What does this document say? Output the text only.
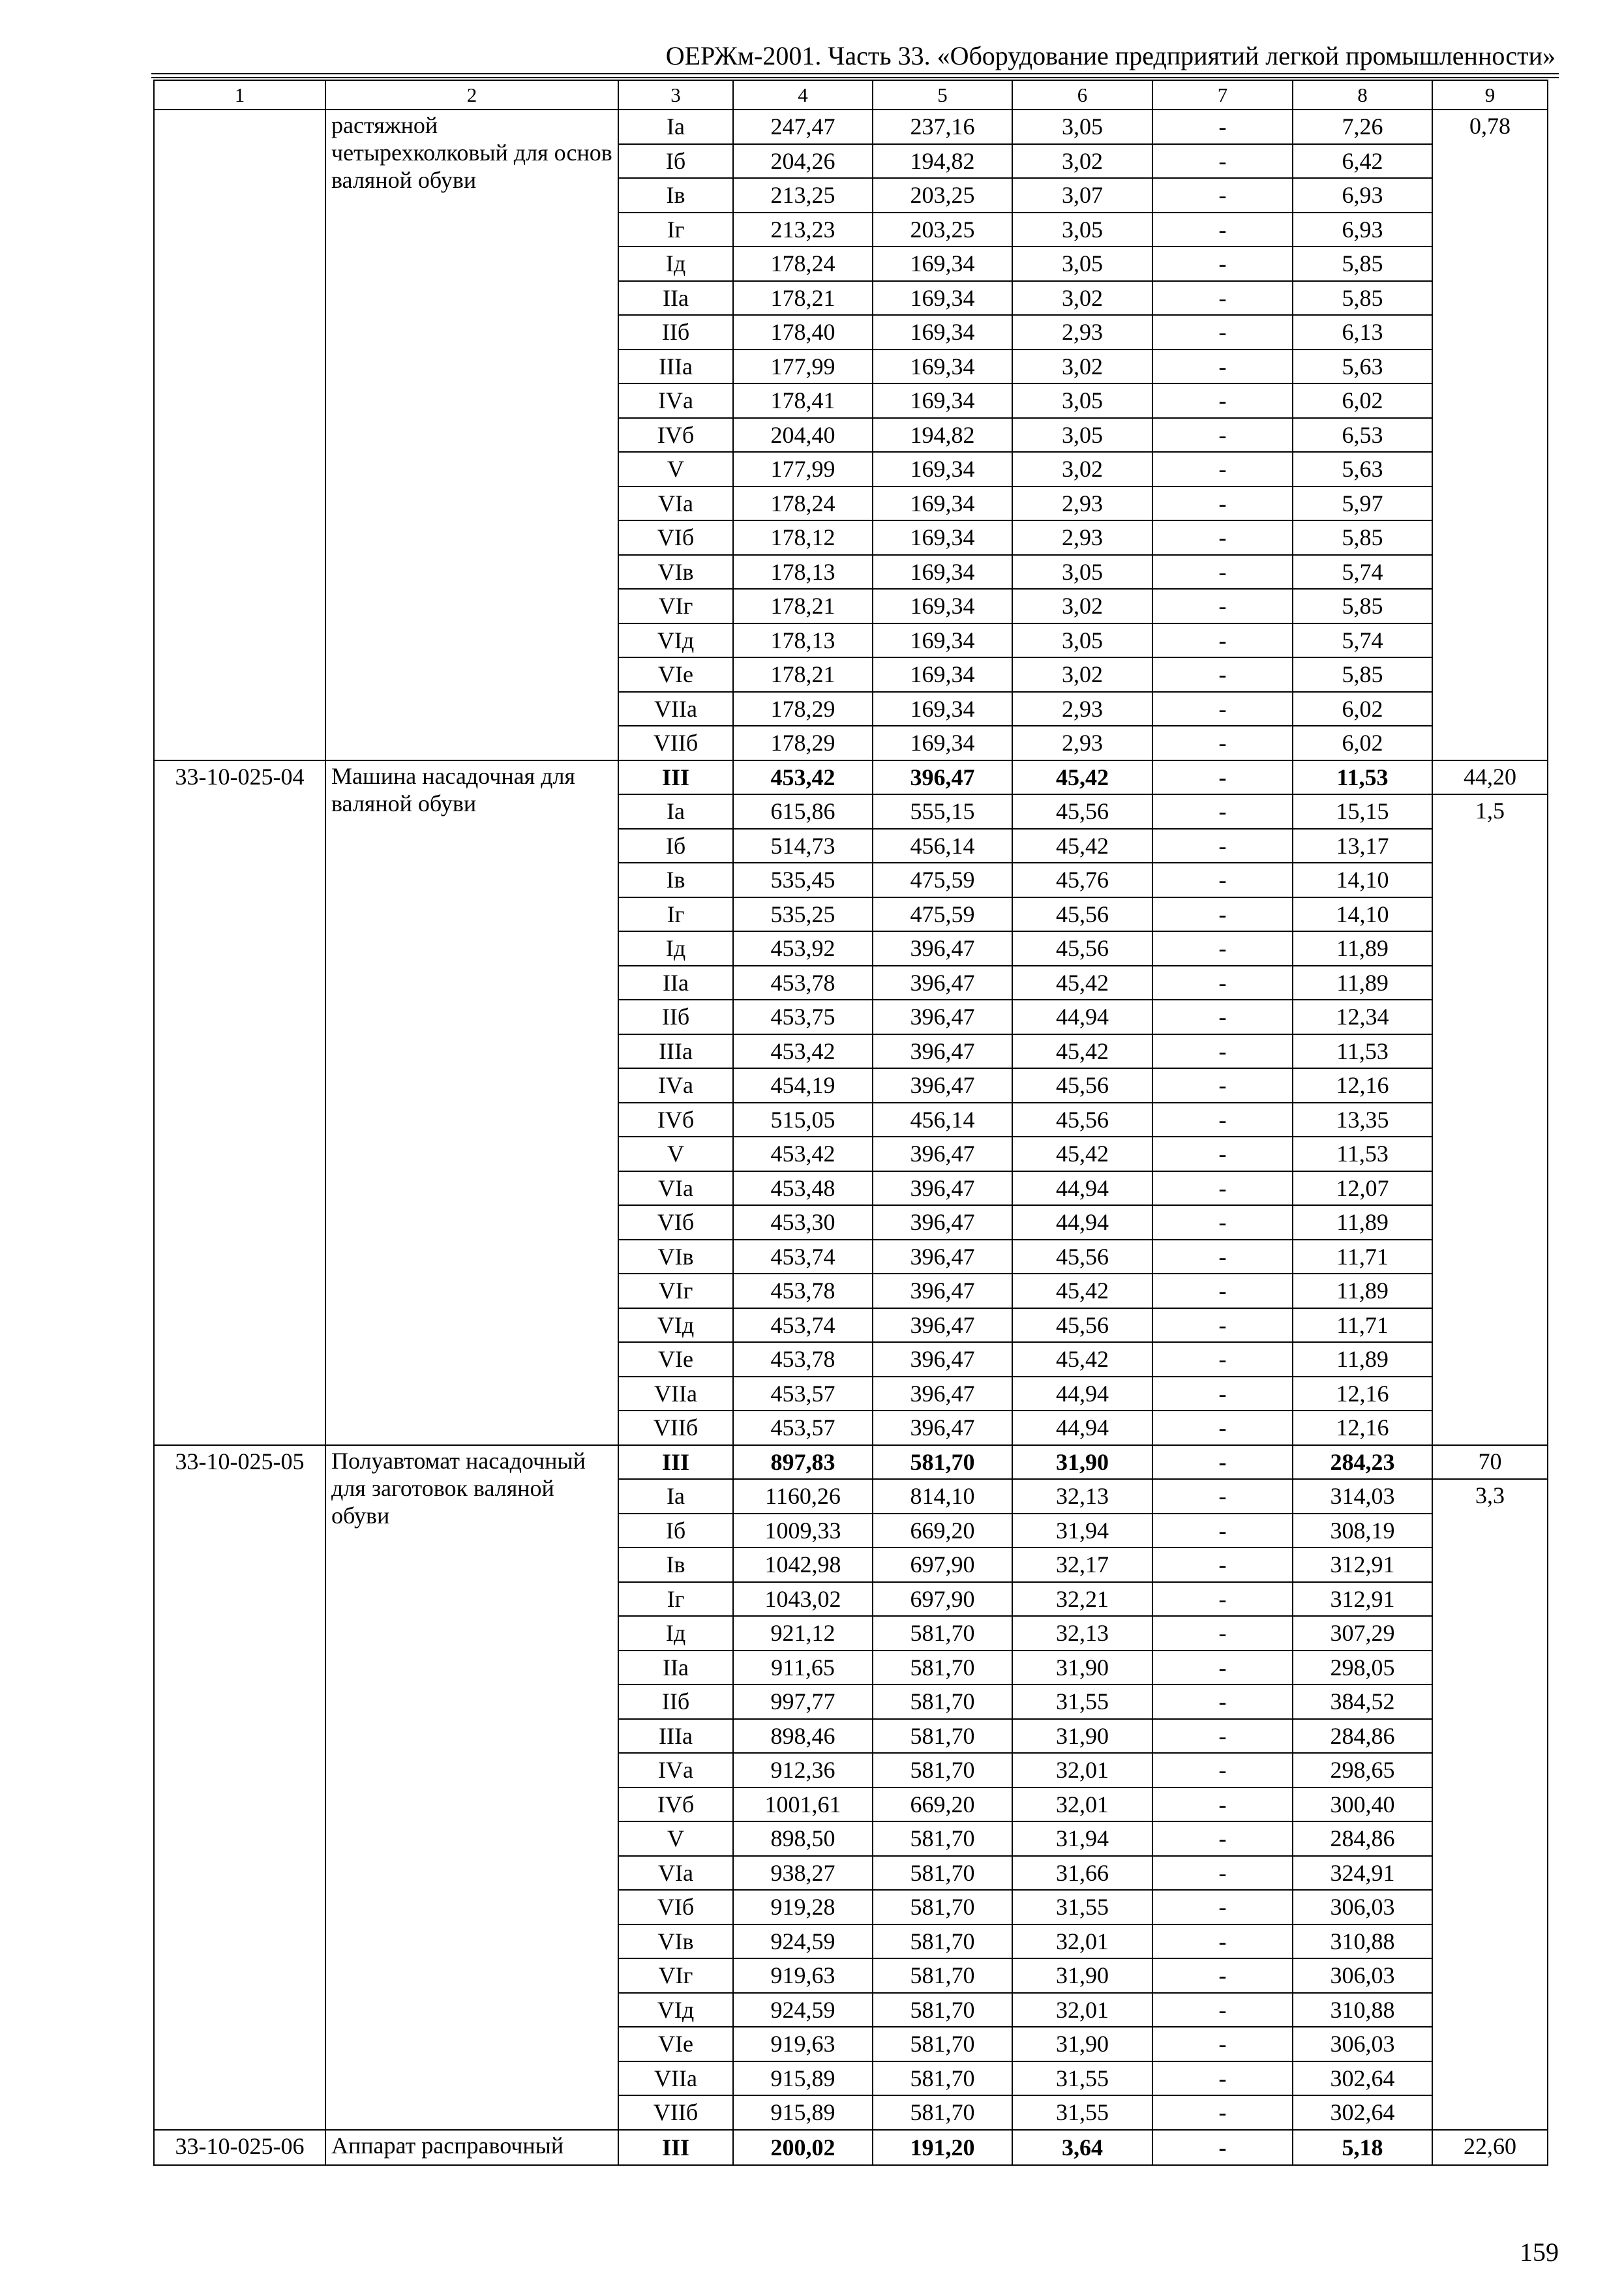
ОЕРЖм-2001. Часть 33. «Оборудование предприятий легкой промышленности»
1	2	3	4	5	6	7	8	9
	растяжной четырехколковый для основ валяной обуви	Iа	247,47	237,16	3,05	-	7,26	0,78
		Iб	204,26	194,82	3,02	-	6,42	
		Iв	213,25	203,25	3,07	-	6,93	
		Iг	213,23	203,25	3,05	-	6,93	
		Iд	178,24	169,34	3,05	-	5,85	
		IIа	178,21	169,34	3,02	-	5,85	
		IIб	178,40	169,34	2,93	-	6,13	
		IIIа	177,99	169,34	3,02	-	5,63	
		IVа	178,41	169,34	3,05	-	6,02	
		IVб	204,40	194,82	3,05	-	6,53	
		V	177,99	169,34	3,02	-	5,63	
		VIа	178,24	169,34	2,93	-	5,97	
		VIб	178,12	169,34	2,93	-	5,85	
		VIв	178,13	169,34	3,05	-	5,74	
		VIг	178,21	169,34	3,02	-	5,85	
		VIд	178,13	169,34	3,05	-	5,74	
		VIе	178,21	169,34	3,02	-	5,85	
		VIIа	178,29	169,34	2,93	-	6,02	
		VIIб	178,29	169,34	2,93	-	6,02	
33-10-025-04	Машина насадочная для валяной обуви	III	453,42	396,47	45,42	-	11,53	44,20
		Iа	615,86	555,15	45,56	-	15,15	1,5
		Iб	514,73	456,14	45,42	-	13,17	
		Iв	535,45	475,59	45,76	-	14,10	
		Iг	535,25	475,59	45,56	-	14,10	
		Iд	453,92	396,47	45,56	-	11,89	
		IIа	453,78	396,47	45,42	-	11,89	
		IIб	453,75	396,47	44,94	-	12,34	
		IIIа	453,42	396,47	45,42	-	11,53	
		IVа	454,19	396,47	45,56	-	12,16	
		IVб	515,05	456,14	45,56	-	13,35	
		V	453,42	396,47	45,42	-	11,53	
		VIа	453,48	396,47	44,94	-	12,07	
		VIб	453,30	396,47	44,94	-	11,89	
		VIв	453,74	396,47	45,56	-	11,71	
		VIг	453,78	396,47	45,42	-	11,89	
		VIд	453,74	396,47	45,56	-	11,71	
		VIе	453,78	396,47	45,42	-	11,89	
		VIIа	453,57	396,47	44,94	-	12,16	
		VIIб	453,57	396,47	44,94	-	12,16	
33-10-025-05	Полуавтомат насадочный для заготовок валяной обуви	III	897,83	581,70	31,90	-	284,23	70
		Iа	1160,26	814,10	32,13	-	314,03	3,3
		Iб	1009,33	669,20	31,94	-	308,19	
		Iв	1042,98	697,90	32,17	-	312,91	
		Iг	1043,02	697,90	32,21	-	312,91	
		Iд	921,12	581,70	32,13	-	307,29	
		IIа	911,65	581,70	31,90	-	298,05	
		IIб	997,77	581,70	31,55	-	384,52	
		IIIа	898,46	581,70	31,90	-	284,86	
		IVа	912,36	581,70	32,01	-	298,65	
		IVб	1001,61	669,20	32,01	-	300,40	
		V	898,50	581,70	31,94	-	284,86	
		VIа	938,27	581,70	31,66	-	324,91	
		VIб	919,28	581,70	31,55	-	306,03	
		VIв	924,59	581,70	32,01	-	310,88	
		VIг	919,63	581,70	31,90	-	306,03	
		VIд	924,59	581,70	32,01	-	310,88	
		VIе	919,63	581,70	31,90	-	306,03	
		VIIа	915,89	581,70	31,55	-	302,64	
		VIIб	915,89	581,70	31,55	-	302,64	
33-10-025-06	Аппарат расправочный	III	200,02	191,20	3,64	-	5,18	22,60
159
